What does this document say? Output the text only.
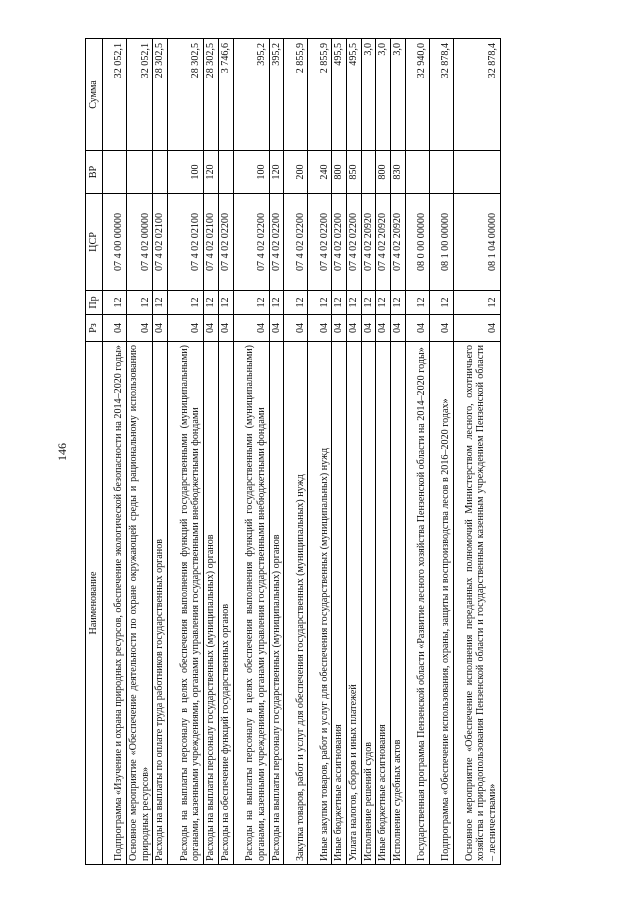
146
Наименование	Рз	Пр	ЦСР	ВР	Сумма
Подпрограмма «Изучение и охрана природных ресурсов, обеспечение экологической безопасности на 2014–2020 годы»	04	12	07 4 00 00000		32 052,1
Основное мероприятие «Обеспечение деятельности по охране окружающей среды и рациональному использованию природных ресурсов»	04	12	07 4 02 00000		32 052,1
Расходы на выплаты по оплате труда работников государственных органов	04	12	07 4 02 02100		28 302,5
Расходы на выплаты персоналу в целях обеспечения выполнения функций государственными (муниципальными) органами, казенными учреждениями, органами управления государственными внебюджетными фондами	04	12	07 4 02 02100	100	28 302,5
Расходы на выплаты персоналу государственных (муниципальных) органов	04	12	07 4 02 02100	120	28 302,5
Расходы на обеспечение функций государственных органов	04	12	07 4 02 02200		3 746,6
Расходы на выплаты персоналу в целях обеспечения выполнения функций государственными (муниципальными) органами, казенными учреждениями, органами управления государственными внебюджетными фондами	04	12	07 4 02 02200	100	395,2
Расходы на выплаты персоналу государственных (муниципальных) органов	04	12	07 4 02 02200	120	395,2
Закупка товаров, работ и услуг для обеспечения государственных (муниципальных) нужд	04	12	07 4 02 02200	200	2 855,9
Иные закупки товаров, работ и услуг для обеспечения государственных (муниципальных) нужд	04	12	07 4 02 02200	240	2 855,9
Иные бюджетные ассигнования	04	12	07 4 02 02200	800	495,5
Уплата налогов, сборов и иных платежей	04	12	07 4 02 02200	850	495,5
Исполнение решений судов	04	12	07 4 02 20920		3,0
Иные бюджетные ассигнования	04	12	07 4 02 20920	800	3,0
Исполнение судебных актов	04	12	07 4 02 20920	830	3,0
Государственная программа Пензенской области «Развитие лесного хозяйства Пензенской области на 2014–2020 годы»	04	12	08 0 00 00000		32 940,0
Подпрограмма «Обеспечение использования, охраны, защиты и воспроизводства лесов в 2016–2020 годах»	04	12	08 1 00 00000		32 878,4
Основное мероприятие «Обеспечение исполнения переданных полномочий Министерством лесного, охотничьего хозяйства и природопользования Пензенской области и государственным казенным учреждением Пензенской области – лесничествами»	04	12	08 1 04 00000		32 878,4
